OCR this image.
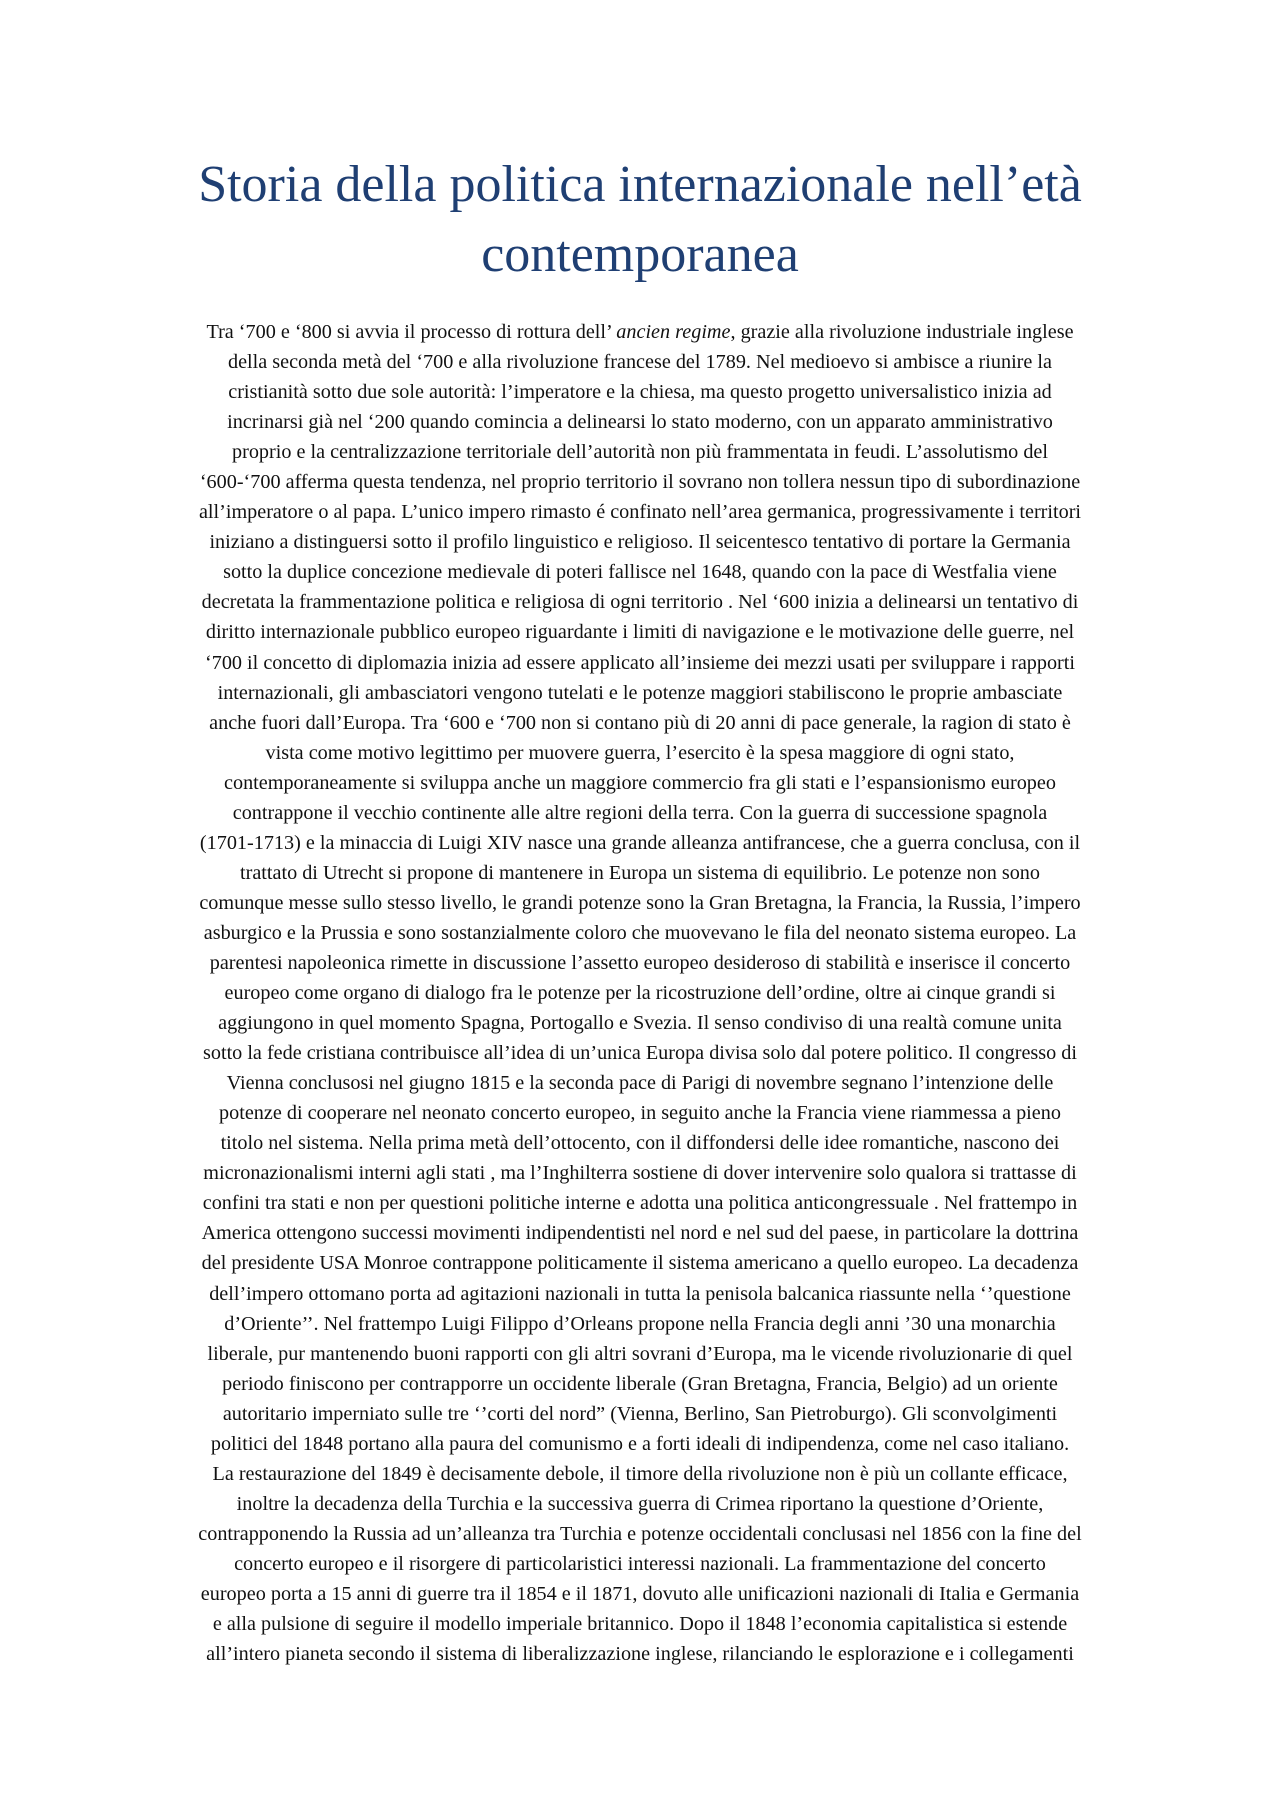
Storia della politica internazionale nell’età
contemporanea

Tra ‘700 e ‘800 si avvia il processo di rottura dell’ ancien regime, grazie alla rivoluzione industriale inglese
della seconda metà del ‘700 e alla rivoluzione francese del 1789. Nel medioevo si ambisce a riunire la
cristianità sotto due sole autorità: l’imperatore e la chiesa, ma questo progetto universalistico inizia ad
incrinarsi già nel ‘200 quando comincia a delinearsi lo stato moderno, con un apparato amministrativo
proprio e la centralizzazione territoriale dell’autorità non più frammentata in feudi. L’assolutismo del
‘600-‘700 afferma questa tendenza, nel proprio territorio il sovrano non tollera nessun tipo di subordinazione
all’imperatore o al papa. L’unico impero rimasto é confinato nell’area germanica, progressivamente i territori
iniziano a distinguersi sotto il profilo linguistico e religioso. Il seicentesco tentativo di portare la Germania
sotto la duplice concezione medievale di poteri fallisce nel 1648, quando con la pace di Westfalia viene
decretata la frammentazione politica e religiosa di ogni territorio . Nel ‘600 inizia a delinearsi un tentativo di
diritto internazionale pubblico europeo riguardante i limiti di navigazione e le motivazione delle guerre, nel
‘700 il concetto di diplomazia inizia ad essere applicato all’insieme dei mezzi usati per sviluppare i rapporti
internazionali, gli ambasciatori vengono tutelati e le potenze maggiori stabiliscono le proprie ambasciate
anche fuori dall’Europa. Tra ‘600 e ‘700 non si contano più di 20 anni di pace generale, la ragion di stato è
vista come motivo legittimo per muovere guerra, l’esercito è la spesa maggiore di ogni stato,
contemporaneamente si sviluppa anche un maggiore commercio fra gli stati e l’espansionismo europeo
contrappone il vecchio continente alle altre regioni della terra. Con la guerra di successione spagnola
(1701-1713) e la minaccia di Luigi XIV nasce una grande alleanza antifrancese, che a guerra conclusa, con il
trattato di Utrecht si propone di mantenere in Europa un sistema di equilibrio. Le potenze non sono
comunque messe sullo stesso livello, le grandi potenze sono la Gran Bretagna, la Francia, la Russia, l’impero
asburgico e la Prussia e sono sostanzialmente coloro che muovevano le fila del neonato sistema europeo. La
parentesi napoleonica rimette in discussione l’assetto europeo desideroso di stabilità e inserisce il concerto
europeo come organo di dialogo fra le potenze per la ricostruzione dell’ordine, oltre ai cinque grandi si
aggiungono in quel momento Spagna, Portogallo e Svezia. Il senso condiviso di una realtà comune unita
sotto la fede cristiana contribuisce all’idea di un’unica Europa divisa solo dal potere politico. Il congresso di
Vienna conclusosi nel giugno 1815 e la seconda pace di Parigi di novembre segnano l’intenzione delle
potenze di cooperare nel neonato concerto europeo, in seguito anche la Francia viene riammessa a pieno
titolo nel sistema. Nella prima metà dell’ottocento, con il diffondersi delle idee romantiche, nascono dei
micronazionalismi interni agli stati , ma l’Inghilterra sostiene di dover intervenire solo qualora si trattasse di
confini tra stati e non per questioni politiche interne e adotta una politica anticongressuale . Nel frattempo in
America ottengono successi movimenti indipendentisti nel nord e nel sud del paese, in particolare la dottrina
del presidente USA Monroe contrappone politicamente il sistema americano a quello europeo. La decadenza
dell’impero ottomano porta ad agitazioni nazionali in tutta la penisola balcanica riassunte nella ‘’questione
d’Oriente’’. Nel frattempo Luigi Filippo d’Orleans propone nella Francia degli anni ’30 una monarchia
liberale, pur mantenendo buoni rapporti con gli altri sovrani d’Europa, ma le vicende rivoluzionarie di quel
periodo finiscono per contrapporre un occidente liberale (Gran Bretagna, Francia, Belgio) ad un oriente
autoritario imperniato sulle tre ‘’corti del nord” (Vienna, Berlino, San Pietroburgo). Gli sconvolgimenti
politici del 1848 portano alla paura del comunismo e a forti ideali di indipendenza, come nel caso italiano.
La restaurazione del 1849 è decisamente debole, il timore della rivoluzione non è più un collante efficace,
inoltre la decadenza della Turchia e la successiva guerra di Crimea riportano la questione d’Oriente,
contrapponendo la Russia ad un’alleanza tra Turchia e potenze occidentali conclusasi nel 1856 con la fine del
concerto europeo e il risorgere di particolaristici interessi nazionali. La frammentazione del concerto
europeo porta a 15 anni di guerre tra il 1854 e il 1871, dovuto alle unificazioni nazionali di Italia e Germania
e alla pulsione di seguire il modello imperiale britannico. Dopo il 1848 l’economia capitalistica si estende
all’intero pianeta secondo il sistema di liberalizzazione inglese, rilanciando le esplorazione e i collegamenti
